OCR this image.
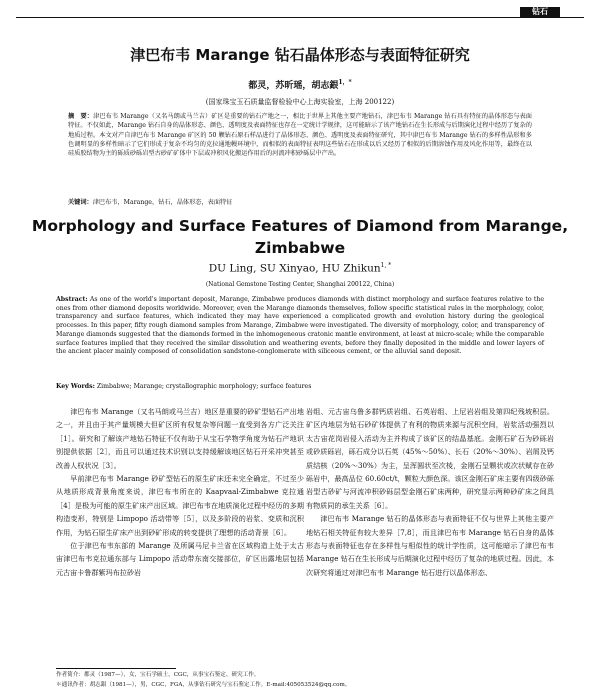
钻石
津巴布韦 Marange 钻石晶体形态与表面特征研究
都灵，苏昕瑶，胡志銀$^{1,*}$
(国家珠宝玉石质量监督检验中心上海实验室，上海 200122)
摘　要：津巴布韦 Marange（又名马朗或马兰吉）矿区是重要的钻石产地之一，相比于世界上其他主要产地钻石，津巴布韦 Marange 钻石具有特征的晶体形态与表面特征。不仅如此，Marange 钻石自身的晶体形态、颜色、透明度及表面特征也存在一定统计学规律，这可能暗示了该产地钻石在生长形成与后期演化过程中经历了复杂的地质过程。本文对产自津巴布韦 Marange 矿区的 50 颗钻石原石样品进行了晶体形态、颜色、透明度及表面特征研究，其中津巴布韦 Marange 钻石的多样性晶形和多色调明显的多样性暗示了它们形成于复杂不均匀的克拉通地幔环境中，而相似的表面特征表明这些钻石在形成以后又经历了相似的后期溶蚀作用及风化作用等，最终在以硅质胶结物为主的砾质砂砾岩型古砂矿矿体中下层或冲积风化搬运作用后的河流冲积砂砾层中产出。
关键词：津巴布韦，Marange，钻石，晶体形态，表面特征
Morphology and Surface Features of Diamond from Marange, Zimbabwe
DU Ling, SU Xinyao, HU Zhikun$^{1, *}$
(National Gemstone Testing Center, Shanghai 200122, China)
Abstract: As one of the world's important deposit, Marange, Zimbabwe produces diamonds with distinct morphology and surface features relative to the ones from other diamond deposits worldwide. Moreover, even the Marange diamonds themselves, follow specific statistical rules in the morphology, color, transparency and surface features, which indicated they may have experienced a complicated growth and evolution history during the geological processes. In this paper, fifty rough diamond samples from Marange, Zimbabwe were investigated. The diversity of morphology, color, and transparency of Marange diamonds suggested that the diamonds formed in the inhomogeneous cratonic mantle environment, at least at micro-scale; while the comparable surface features implied that they received the similar dissolution and weathering events, before they finally deposited in the middle and lower layers of the ancient placer mainly composed of consolidation sandstone-conglomerate with siliceous cement, or the alluvial sand deposit.
Key Words: Zimbabwe; Marange; crystallographic morphology; surface features

津巴布韦 Marange（又名马朗或马兰吉）地区是重要的砂矿型钻石产出地之一，并且由于其产量规模大但矿区所有权复杂等问题一直受到各方广泛关注［1］。研究和了解该产地钻石特征不仅有助于从宝石学物学角度为钻石产地识别提供依据［2］，而且可以通过技术识别以支持缓解该地区钻石开采冲突甚至改善人权状况［3］。

早前津巴布韦 Marange 砂矿型钻石的原生矿床还未完全确定，不过至少从地质形成背景角度来说，津巴布韦所在的 Kaapvaal-Zimbabwe 克拉通［4］是极为可能的原生矿床产出区域。津巴布韦在地质演化过程中经历的多期构造变形，特别是 Limpopo 活动带等［5］，以及多阶段的岩浆、变质和沉积作用，为钻石原生矿床产出到砂矿形成的转变提供了理想的活动背景［6］。

位于津巴布韦东部的 Marange 及所属马尼卡兰省在区域构造上处于太古宙津巴布韦克拉通东部与 Limpopo 活动带东南交接部位，矿区出露地层包括元古宙卡鲁群紫玛布拉砂岩

岩组、元古宙乌鲁多群钙质岩组、石英岩组、上尼岩岩组及第四纪残坡积层。矿区内地层为钻石砂矿体提供了有利的物质来源与沉积空间，岩浆活动强烈以太古宙花岗岩侵入活动为主并构成了该矿区的结晶基底。金刚石矿石为砂砾岩或砂质砾岩，砾石成分以石英（45%～50%）、长石（20%～30%）、岩屑及钙质结核（20%～30%）为主，呈浑圆状至次棱，金刚石呈颗状或次状赋存在砂砾岩中，最高品位 60.60ct/t，颗粒大颜色深。该区金刚石矿床主要有四级砂砾岩型古砂矿与河流冲积砂砾层型金刚石矿床两种，研究显示两种砂矿床之间具有物质同的承生关系［6］。

津巴布韦 Marange 钻石的晶体形态与表面特征不仅与世界上其他主要产地钻石相关特征有较大差异［7,8］，而且津巴布韦 Marange 钻石自身的晶体形态与表面特征也存在多样性与相似性的统计学性质，这可能暗示了津巴布韦 Marange 钻石在生长形成与后期演化过程中经历了复杂的地质过程。因此，本次研究将通过对津巴布韦 Marange 钻石进行以晶体形态、

作者简介：都灵（1987—），女，宝石学硕士，CGC，从事宝石鉴定、研究工作。
＊通讯作者：胡志銀（1981—），男，CGC，FGA，从事钻石研究与宝石鉴定工作。E-mail:405053524@qq.com。
